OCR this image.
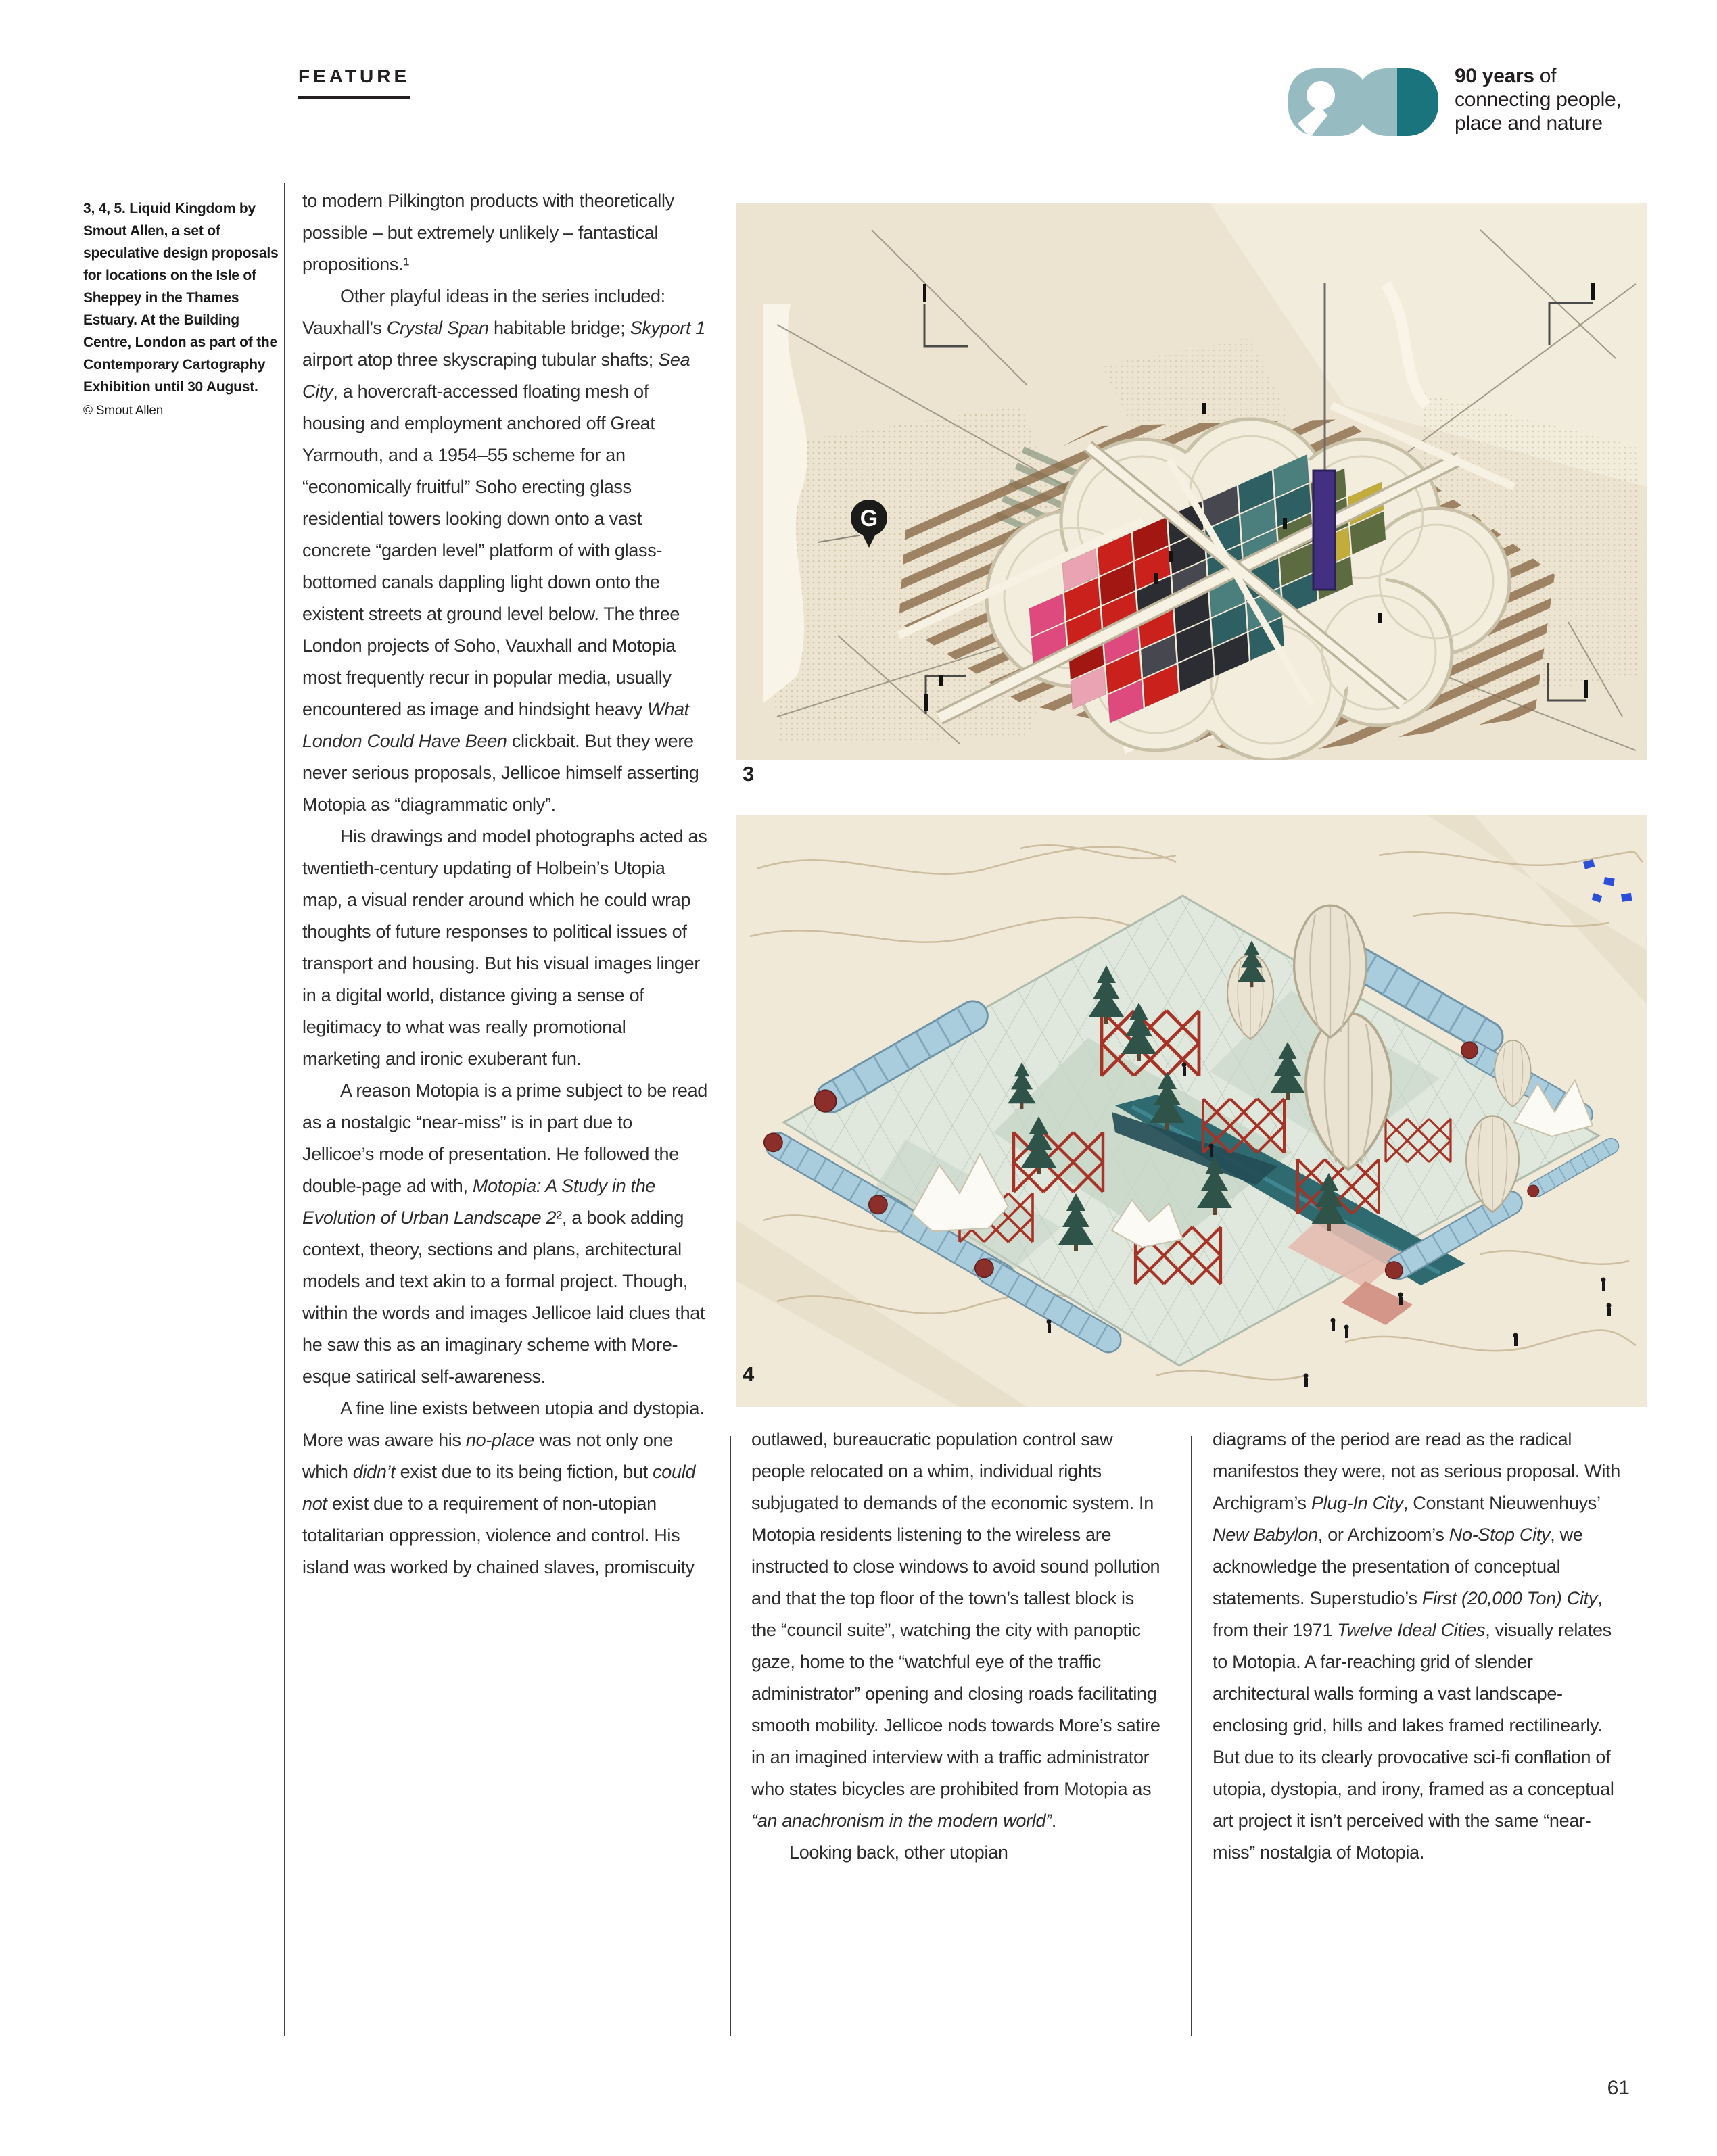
FEATURE	90 years of
connecting people,
place and nature
3, 4, 5. Liquid Kingdom by Smout Allen, a set of speculative design proposals for locations on the Isle of Sheppey in the Thames Estuary. At the Building Centre, London as part of the Contemporary Cartography Exhibition until 30 August.
© Smout Allen

to modern Pilkington products with theoretically possible – but extremely unlikely – fantastical propositions.¹

Other playful ideas in the series included: Vauxhall’s Crystal Span habitable bridge; Skyport 1 airport atop three skyscraping tubular shafts; Sea City, a hovercraft-accessed floating mesh of housing and employment anchored off Great Yarmouth, and a 1954–55 scheme for an “economically fruitful” Soho erecting glass residential towers looking down onto a vast concrete “garden level” platform of with glass-bottomed canals dappling light down onto the existent streets at ground level below. The three London projects of Soho, Vauxhall and Motopia most frequently recur in popular media, usually encountered as image and hindsight heavy What London Could Have Been clickbait. But they were never serious proposals, Jellicoe himself asserting Motopia as “diagrammatic only”.

His drawings and model photographs acted as twentieth-century updating of Holbein’s Utopia map, a visual render around which he could wrap thoughts of future responses to political issues of transport and housing. But his visual images linger in a digital world, distance giving a sense of legitimacy to what was really promotional marketing and ironic exuberant fun.

A reason Motopia is a prime subject to be read as a nostalgic “near-miss” is in part due to Jellicoe’s mode of presentation. He followed the double-page ad with, Motopia: A Study in the Evolution of Urban Landscape 2², a book adding context, theory, sections and plans, architectural models and text akin to a formal project. Though, within the words and images Jellicoe laid clues that he saw this as an imaginary scheme with More-esque satirical self-awareness.

A fine line exists between utopia and dystopia. More was aware his no-place was not only one which didn’t exist due to its being fiction, but could not exist due to a requirement of non-utopian totalitarian oppression, violence and control. His island was worked by chained slaves, promiscuity

outlawed, bureaucratic population control saw people relocated on a whim, individual rights subjugated to demands of the economic system. In Motopia residents listening to the wireless are instructed to close windows to avoid sound pollution and that the top floor of the town’s tallest block is the “council suite”, watching the city with panoptic gaze, home to the “watchful eye of the traffic administrator” opening and closing roads facilitating smooth mobility. Jellicoe nods towards More’s satire in an imagined interview with a traffic administrator who states bicycles are prohibited from Motopia as “an anachronism in the modern world”.

Looking back, other utopian

diagrams of the period are read as the radical manifestos they were, not as serious proposal. With Archigram’s Plug-In City, Constant Nieuwenhuys’ New Babylon, or Archizoom’s No-Stop City, we acknowledge the presentation of conceptual statements. Superstudio’s First (20,000 Ton) City, from their 1971 Twelve Ideal Cities, visually relates to Motopia. A far-reaching grid of slender architectural walls forming a vast landscape-enclosing grid, hills and lakes framed rectilinearly. But due to its clearly provocative sci-fi conflation of utopia, dystopia, and irony, framed as a conceptual art project it isn’t perceived with the same “near-miss” nostalgia of Motopia.

G
3
4
61
